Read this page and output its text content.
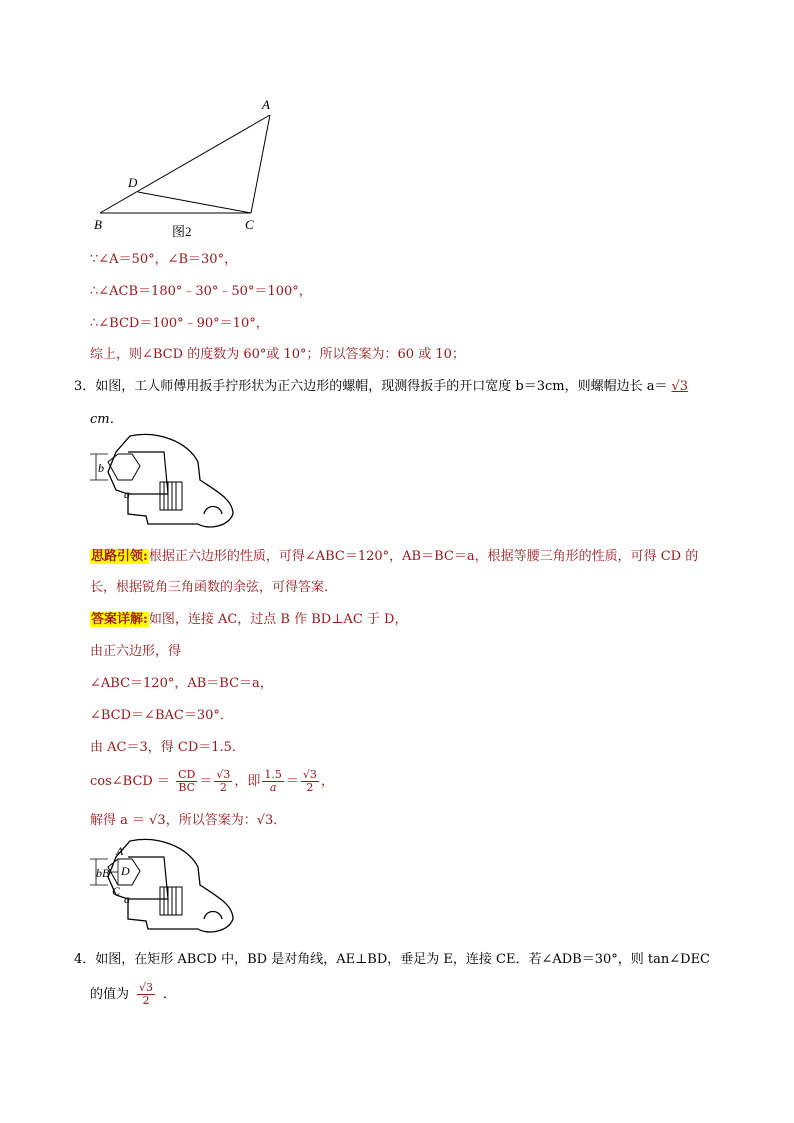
A
B	C
D
图2
∵∠A＝50°，∠B＝30°，
∴∠ACB＝180°﹣30°﹣50°＝100°，
∴∠BCD＝100°﹣90°＝10°，
综上，则∠BCD 的度数为 60°或 10°；所以答案为：60 或 10；
3．如图，工人师傅用扳手拧形状为正六边形的螺帽，现测得扳手的开口宽度 b＝3cm，则螺帽边长 a＝ √3
cm．
b
a
思路引领:根据正六边形的性质，可得∠ABC＝120°，AB＝BC＝a，根据等腰三角形的性质，可得 CD 的
长，根据锐角三角函数的余弦，可得答案．
答案详解:如图，连接 AC，过点 B 作 BD⊥AC 于 D，
由正六边形，得
∠ABC＝120°，AB＝BC＝a，
∠BCD＝∠BAC＝30°．
由 AC＝3，得 CD＝1.5．
cos∠BCD ＝ $\frac{CD}{BC} = \frac{√3}{2}$ ，即 $\frac{1.5}{a} = \frac{√3}{2}$ ，
解得 a ＝ √3，所以答案为：√3．
A
b B D
C
a
4．如图，在矩形 ABCD 中，BD 是对角线，AE⊥BD，垂足为 E，连接 CE．若∠ADB＝30°，则 tan∠DEC
的值为 $\frac{√3}{2}$ ．
